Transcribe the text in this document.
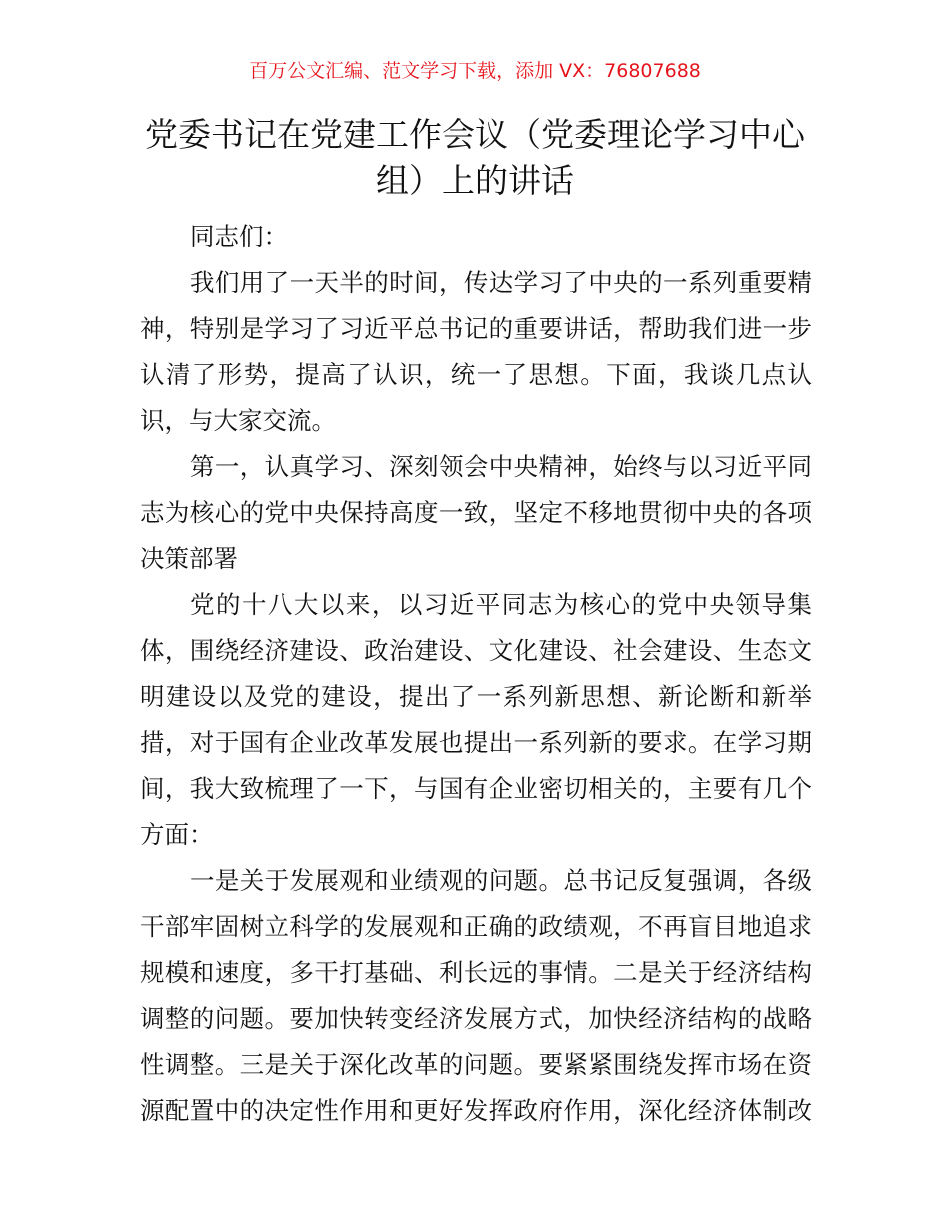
百万公文汇编、范文学习下载，添加 VX：76807688
党委书记在党建工作会议（党委理论学习中心
组）上的讲话
同志们：
我们用了一天半的时间，传达学习了中央的一系列重要精
神，特别是学习了习近平总书记的重要讲话，帮助我们进一步
认清了形势，提高了认识，统一了思想。下面，我谈几点认
识，与大家交流。
第一，认真学习、深刻领会中央精神，始终与以习近平同
志为核心的党中央保持高度一致，坚定不移地贯彻中央的各项
决策部署
党的十八大以来，以习近平同志为核心的党中央领导集
体，围绕经济建设、政治建设、文化建设、社会建设、生态文
明建设以及党的建设，提出了一系列新思想、新论断和新举
措，对于国有企业改革发展也提出一系列新的要求。在学习期
间，我大致梳理了一下，与国有企业密切相关的，主要有几个
方面：
一是关于发展观和业绩观的问题。总书记反复强调，各级
干部牢固树立科学的发展观和正确的政绩观，不再盲目地追求
规模和速度，多干打基础、利长远的事情。二是关于经济结构
调整的问题。要加快转变经济发展方式，加快经济结构的战略
性调整。三是关于深化改革的问题。要紧紧围绕发挥市场在资
源配置中的决定性作用和更好发挥政府作用，深化经济体制改
